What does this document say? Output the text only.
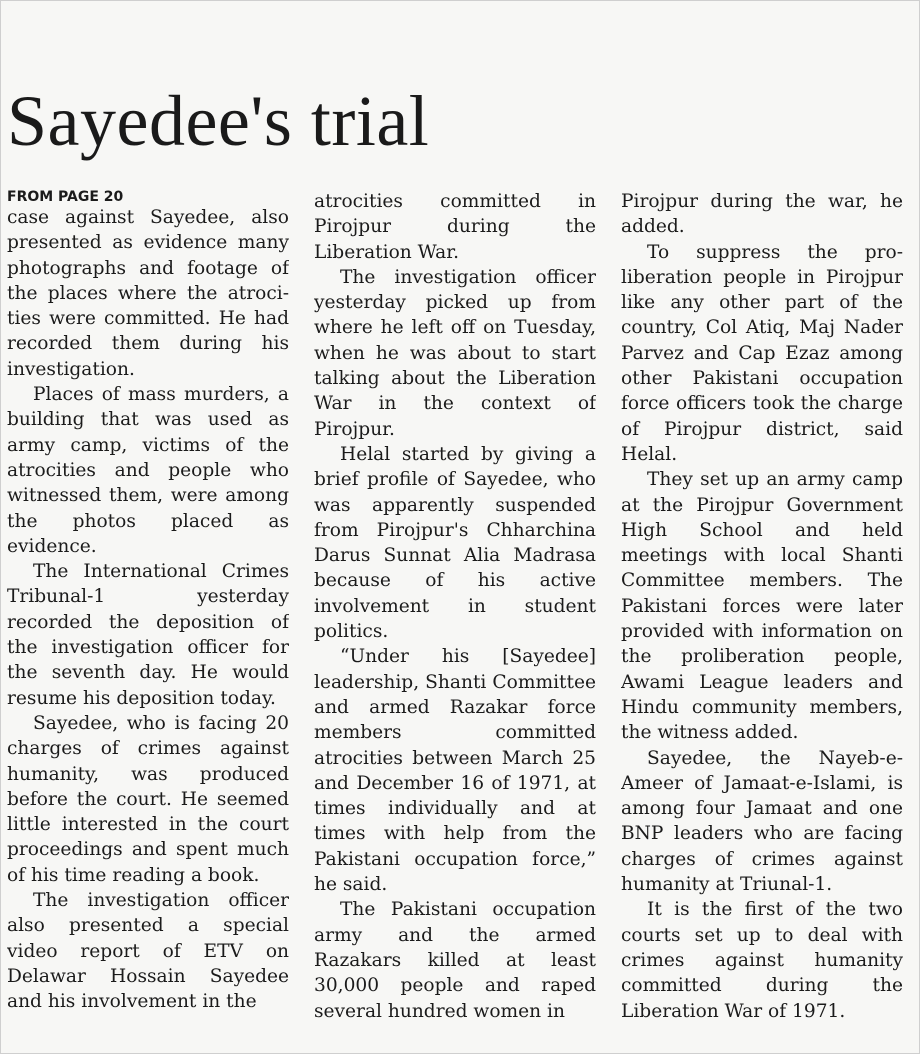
Sayedee's trial
FROM PAGE 20

case against Sayedee, also presented as evidence many photographs and footage of the places where the atrocities were committed. He had recorded them during his investigation.

Places of mass murders, a building that was used as army camp, victims of the atrocities and people who witnessed them, were among the photos placed as evidence.

The International Crimes Tribunal-1 yesterday recorded the deposition of the investigation officer for the seventh day. He would resume his deposition today.

Sayedee, who is facing 20 charges of crimes against humanity, was produced before the court. He seemed little interested in the court proceedings and spent much of his time reading a book.

The investigation officer also presented a special video report of ETV on Delawar Hossain Sayedee and his involvement in the

atrocities committed in Pirojpur during the Liberation War.

The investigation officer yesterday picked up from where he left off on Tuesday, when he was about to start talking about the Liberation War in the context of Pirojpur.

Helal started by giving a brief profile of Sayedee, who was apparently suspended from Pirojpur's Chharchina Darus Sunnat Alia Madrasa because of his active involvement in student politics.

“Under his [Sayedee] leadership, Shanti Committee and armed Razakar force members committed atrocities between March 25 and December 16 of 1971, at times individually and at times with help from the Pakistani occupation force,” he said.

The Pakistani occupation army and the armed Razakars killed at least 30,000 people and raped several hundred women in

Pirojpur during the war, he added.

To suppress the proliberation people in Pirojpur like any other part of the country, Col Atiq, Maj Nader Parvez and Cap Ezaz among other Pakistani occupation force officers took the charge of Pirojpur district, said Helal.

They set up an army camp at the Pirojpur Government High School and held meetings with local Shanti Committee members. The Pakistani forces were later provided with information on the proliberation people, Awami League leaders and Hindu community members, the witness added.

Sayedee, the Nayeb-e-Ameer of Jamaat-e-Islami, is among four Jamaat and one BNP leaders who are facing charges of crimes against humanity at Triunal-1.

It is the first of the two courts set up to deal with crimes against humanity committed during the Liberation War of 1971.
